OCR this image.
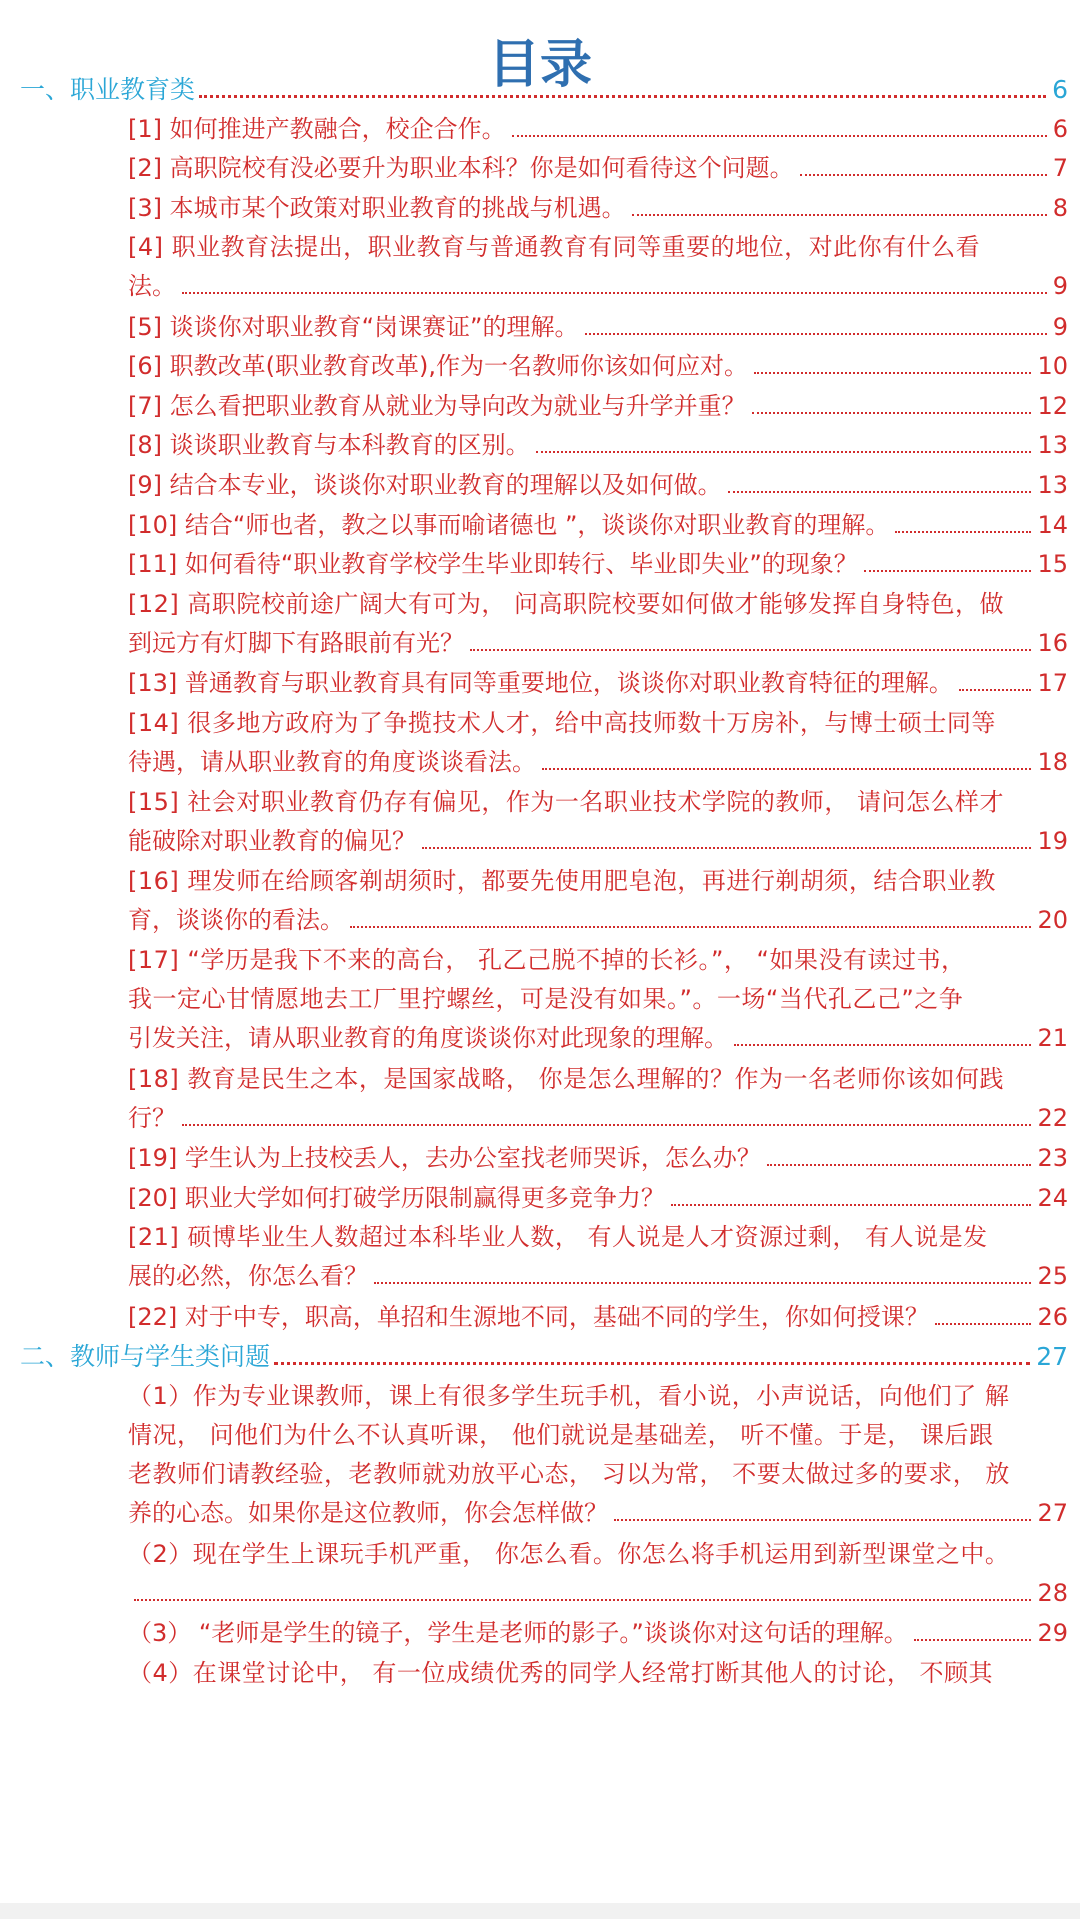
目录
一、职业教育类	6
[1] 如何推进产教融合，校企合作。	6
[2] 高职院校有没必要升为职业本科？你是如何看待这个问题。	7
[3] 本城市某个政策对职业教育的挑战与机遇。	8
[4] 职业教育法提出，职业教育与普通教育有同等重要的地位，对此你有什么看
法。	9
[5] 谈谈你对职业教育“岗课赛证”的理解。	9
[6] 职教改革(职业教育改革),作为一名教师你该如何应对。	10
[7] 怎么看把职业教育从就业为导向改为就业与升学并重？	12
[8] 谈谈职业教育与本科教育的区别。	13
[9] 结合本专业，谈谈你对职业教育的理解以及如何做。	13
[10] 结合“师也者，教之以事而喻诸德也 ”，谈谈你对职业教育的理解。	14
[11] 如何看待“职业教育学校学生毕业即转行、毕业即失业”的现象？	15
[12] 高职院校前途广阔大有可为， 问高职院校要如何做才能够发挥自身特色，做
到远方有灯脚下有路眼前有光？	16
[13] 普通教育与职业教育具有同等重要地位，谈谈你对职业教育特征的理解。	17
[14] 很多地方政府为了争揽技术人才，给中高技师数十万房补，与博士硕士同等
待遇，请从职业教育的角度谈谈看法。	18
[15] 社会对职业教育仍存有偏见，作为一名职业技术学院的教师， 请问怎么样才
能破除对职业教育的偏见？	19
[16] 理发师在给顾客剃胡须时，都要先使用肥皂泡，再进行剃胡须，结合职业教
育，谈谈你的看法。	20
[17] “学历是我下不来的高台， 孔乙己脱不掉的长衫。”， “如果没有读过书，
我一定心甘情愿地去工厂里拧螺丝，可是没有如果。”。一场“当代孔乙己”之争
引发关注，请从职业教育的角度谈谈你对此现象的理解。	21
[18] 教育是民生之本，是国家战略， 你是怎么理解的？作为一名老师你该如何践
行？	22
[19] 学生认为上技校丢人，去办公室找老师哭诉，怎么办？	23
[20] 职业大学如何打破学历限制赢得更多竞争力？	24
[21] 硕博毕业生人数超过本科毕业人数， 有人说是人才资源过剩， 有人说是发
展的必然，你怎么看？	25
[22] 对于中专，职高，单招和生源地不同，基础不同的学生，你如何授课？	26
二、教师与学生类问题	27
（1）作为专业课教师，课上有很多学生玩手机，看小说，小声说话，向他们了 解
情况， 问他们为什么不认真听课， 他们就说是基础差， 听不懂。于是， 课后跟
老教师们请教经验，老教师就劝放平心态， 习以为常， 不要太做过多的要求， 放
养的心态。如果你是这位教师，你会怎样做？	27
（2）现在学生上课玩手机严重， 你怎么看。你怎么将手机运用到新型课堂之中。
28
（3） “老师是学生的镜子，学生是老师的影子。”谈谈你对这句话的理解。	29
（4）在课堂讨论中， 有一位成绩优秀的同学人经常打断其他人的讨论， 不顾其
